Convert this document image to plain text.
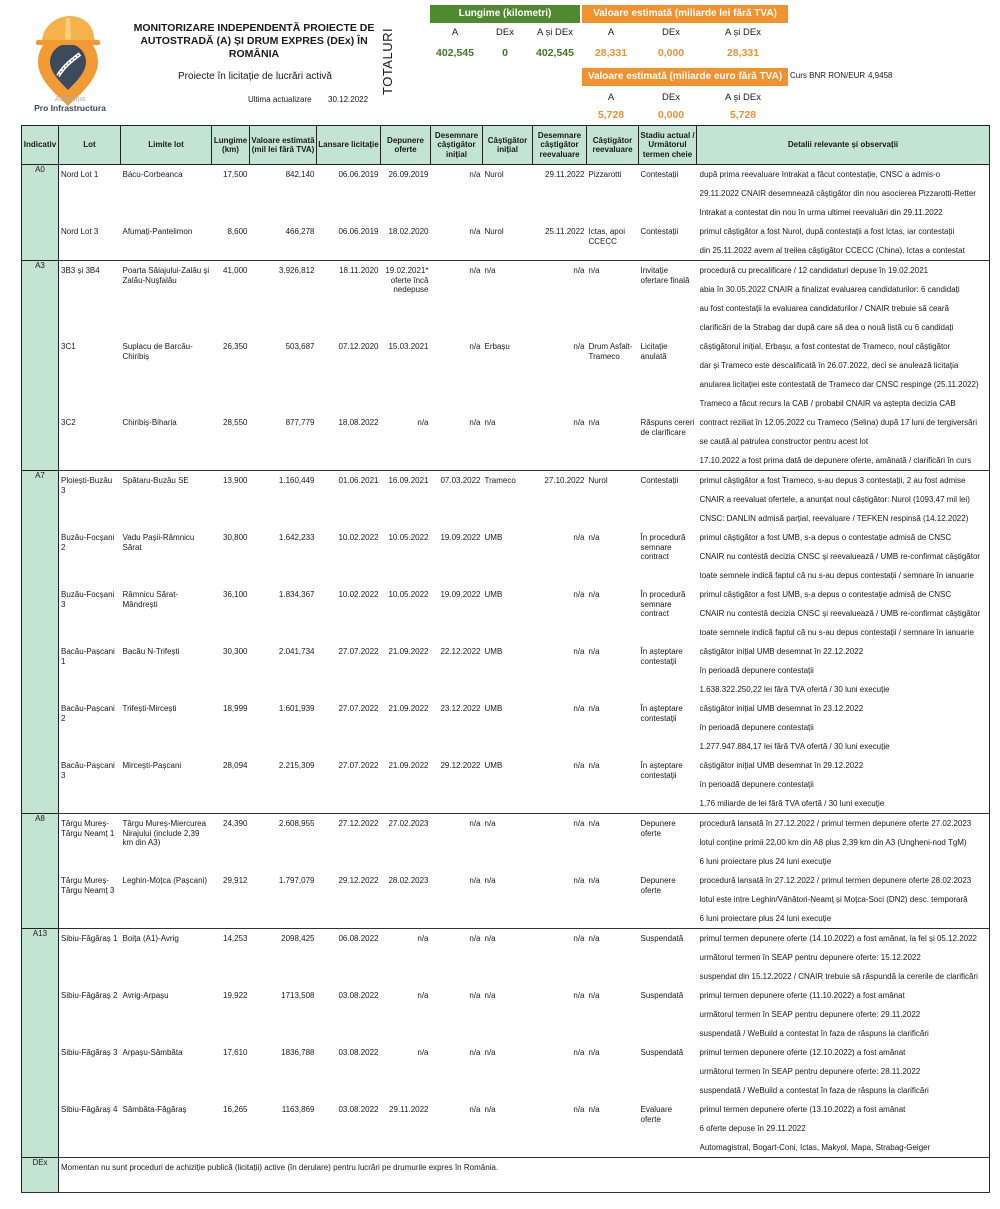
Asociația
Pro Infrastructura
MONITORIZARE INDEPENDENTĂ PROIECTE DE AUTOSTRADĂ (A) ȘI DRUM EXPRES (DEx) ÎN ROMÂNIA
Proiecte în licitație de lucrări activă
Ultima actualizare 30.12.2022
TOTALURI
Lungime (kilometri)
A	DEx	A și DEx
402,545	0	402,545
Valoare estimată (miliarde lei fără TVA)
A	DEx	A și DEx
28,331	0,000	28,331
Valoare estimată (miliarde euro fără TVA) Curs BNR RON/EUR 4,9458
A	DEx	A și DEx
5,728	0,000	5,728
Indicativ	Lot	Limite lot	Lungime (km)	Valoare estimată (mil lei fără TVA)	Lansare licitație	Depunere oferte	Desemnare câștigător inițial	Câștigător inițial	Desemnare câștigător reevaluare	Câștigător reevaluare	Stadiu actual / Următorul termen cheie	Detalii relevante și observații
A0	Nord Lot 1	Bácu-Corbeanca	17,500	842,140	06.06.2019	26.09.2019	n/a	Nurol	29.11.2022	Pizzarotti	Contestații	după prima reevaluare Intrakat a făcut contestație, CNSC a admis-o
29.11.2022 CNAIR desemnează câștigător din nou asocierea Pizzarotti-Retter
Intrakat a contestat din nou în urma ultimei reevaluări din 29.11.2022

	Nord Lot 3	Afumați-Pantelimon	8,600	466,278	06.06.2019	18.02.2020	n/a	Nurol	25.11.2022	Ictas, apoi CCECC	Contestații	primul câștigător a fost Nurol, după contestații a fost Ictas, iar contestații
din 25.11.2022 avem al treilea câștigător CCECC (China), Ictas a contestat

A3	3B3 și 3B4	Poarta Sălajului-Zalău și Zalău-Nușfalău	41,000	3.926,812	18.11.2020	19.02.2021* oferte încă nedepuse	n/a	n/a	n/a	n/a	Invitație ofertare finală	procedură cu precalificare / 12 candidaturi depuse în 19.02.2021
abia în 30.05.2022 CNAIR a finalizat evaluarea candidaturilor: 6 candidați
au fost contestații la evaluarea candidaturilor / CNAIR trebuie să ceară
clarificări de la Strabag dar după care să dea o nouă listă cu 6 candidați

	3C1	Suplacu de Barcău-Chiribiș	26,350	503,687	07.12.2020	15.03.2021	n/a	Erbașu	n/a	Drum Asfalt-Trameco	Licitație anulată	câștigătorul inițial, Erbașu, a fost contestat de Trameco, noul câștigător
dar și Trameco este descalificată în 26.07.2022, deci se anulează licitația
anularea licitației este contestată de Trameco dar CNSC respinge (25.11.2022)
Trameco a făcut recurs la CAB / probabil CNAIR va aștepta decizia CAB

	3C2	Chiribiș-Biharia	28,550	877,779	18.08.2022	n/a	n/a	n/a	n/a	n/a	Răspuns cereri de clarificare	contract reziliat în 12.05.2022 cu Trameco (Selina) după 17 luni de tergiversări
se caută al patrulea constructor pentru acest lot
17.10.2022 a fost prima dată de depunere oferte, amânată / clarificări în curs

A7	Ploiești-Buzău 3	Spătaru-Buzău SE	13,900	1.160,449	01.06.2021	16.09.2021	07.03.2022	Trameco	27.10.2022	Nurol	Contestații	primul câștigător a fost Trameco, s-au depus 3 contestații, 2 au fost admise
CNAIR a reevaluat ofertele, a anunțat noul câștigător: Nurol (1093,47 mil lei)
CNSC: DANLIN admisă parțial, reevaluare / TEFKEN respinsă (14.12.2022)

	Buzău-Focșani 2	Vadu Pașii-Râmnicu Sărat	30,800	1.642,233	10.02.2022	10.05.2022	19.09.2022	UMB	n/a	n/a	În procedură semnare contract	primul câștigător a fost UMB, s-a depus o contestație admisă de CNSC
CNAIR nu contestă decizia CNSC și reevaluează / UMB re-confirmat câștigător
toate semnele indică faptul că nu s-au depus contestații / semnare în ianuarie

	Buzău-Focșani 3	Râmnicu Sărat-Mândrești	36,100	1.834,367	10.02.2022	10.05.2022	19.09.2022	UMB	n/a	n/a	În procedură semnare contract	primul câștigător a fost UMB, s-a depus o contestație admisă de CNSC
CNAIR nu contestă decizia CNSC și reevaluează / UMB re-confirmat câștigător
toate semnele indică faptul că nu s-au depus contestații / semnare în ianuarie

	Bacău-Pașcani 1	Bacău N-Trifești	30,300	2.041,734	27.07.2022	21.09.2022	22.12.2022	UMB	n/a	n/a	În așteptare contestații	câștigător inițial UMB desemnat în 22.12.2022
în perioadă depunere contestații
1.638.322.250,22 lei fără TVA ofertă / 30 luni execuție

	Bacău-Pașcani 2	Trifești-Mircești	18,999	1.601,939	27.07.2022	21.09.2022	23.12.2022	UMB	n/a	n/a	În așteptare contestații	câștigător inițial UMB desemnat în 23.12.2022
în perioadă depunere contestații
1.277.947.884,17 lei fără TVA ofertă / 30 luni execuție

	Bacău-Pașcani 3	Mircești-Pașcani	28,094	2.215,309	27.07.2022	21.09.2022	29.12.2022	UMB	n/a	n/a	În așteptare contestații	câștigător inițial UMB desemnat în 29.12.2022
în perioadă depunere contestații
1,76 miliarde de lei fără TVA ofertă / 30 luni execuție

A8	Târgu Mureș-Târgu Neamț 1	Târgu Mureș-Miercurea Nirajului (include 2,39 km din A3)	24,390	2.608,955	27.12.2022	27.02.2023	n/a	n/a	n/a	n/a	Depunere oferte	procedură lansată în 27.12.2022 / primul termen depunere oferte 27.02.2023
lotul conține primii 22,00 km din A8 plus 2,39 km din A3 (Ungheni-nod TgM)
6 luni proiectare plus 24 luni execuție

	Târgu Mureș-Târgu Neamț 3	Leghin-Moțca (Pașcani)	29,912	1.797,079	29.12.2022	28.02.2023	n/a	n/a	n/a	n/a	Depunere oferte	procedură lansată în 27.12.2022 / primul termen depunere oferte 28.02.2023
lotul este intre Leghin/Vânători-Neamț și Moțca-Soci (DN2) desc. temporară
6 luni proiectare plus 24 luni execuție

A13	Sibiu-Făgăraș 1	Boița (A1)-Avrig	14,253	2098,425	06.08.2022	n/a	n/a	n/a	n/a	n/a	Suspendată	primul termen depunere oferte (14.10.2022) a fost amânat, la fel și 05.12.2022
următorul termen în SEAP pentru depunere oferte: 15.12.2022
suspendat din 15.12.2022 / CNAIR trebuie să răspundă la cererile de clarificări

	Sibiu-Făgăraș 2	Avrig-Arpașu	19,922	1713,508	03.08.2022	n/a	n/a	n/a	n/a	n/a	Suspendată	primul termen depunere oferte (11.10.2022) a fost amânat
următorul termen în SEAP pentru depunere oferte: 29.11.2022
suspendată / WeBuild a contestat în faza de răspuns la clarificări

	Sibiu-Făgăraș 3	Arpașu-Sâmbăta	17,610	1836,788	03.08.2022	n/a	n/a	n/a	n/a	n/a	Suspendată	primul termen depunere oferte (12.10.2022) a fost amânat
următorul termen în SEAP pentru depunere oferte: 28.11.2022
suspendată / WeBuild a contestat în faza de răspuns la clarificări

	Sibiu-Făgăraș 4	Sâmbăta-Făgăraș	16,265	1163,869	03.08.2022	29.11.2022	n/a	n/a	n/a	n/a	Evaluare oferte	primul termen depunere oferte (13.10.2022) a fost amânat
6 oferte depuse în 29.11.2022
Automagistral, Bogart-Coni, Ictas, Makyol, Mapa, Strabag-Geiger

DEx	Momentan nu sunt proceduri de achiziție publică (licitații) active (în derulare) pentru lucrări pe drumurile expres în România.											
